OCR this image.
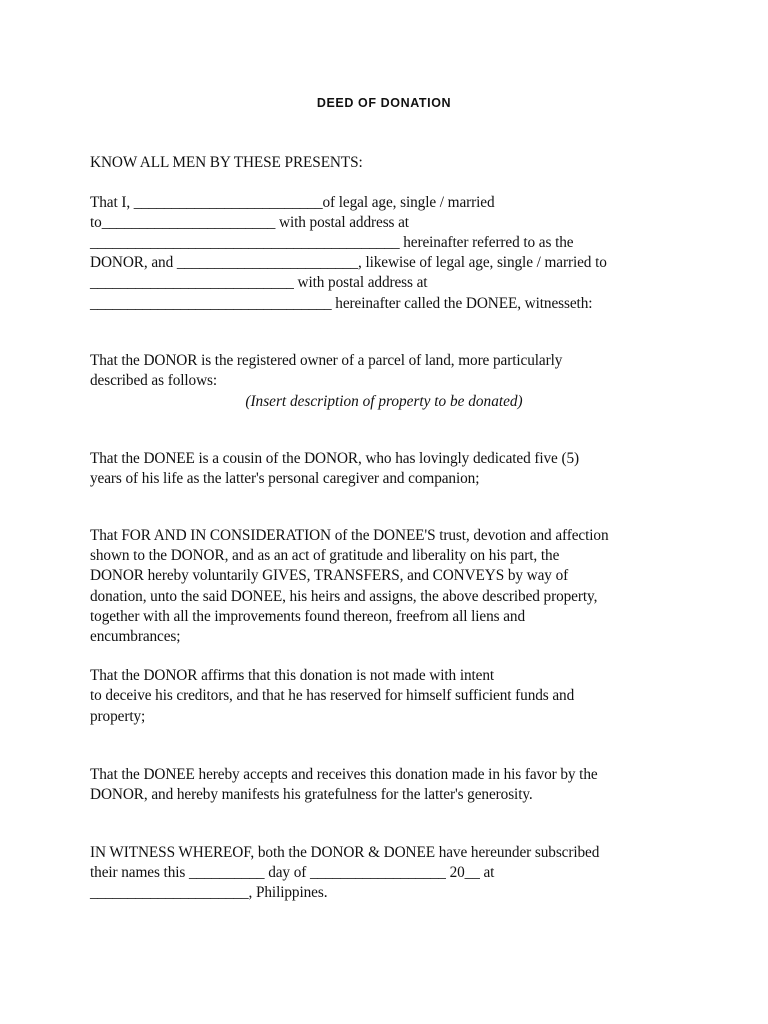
DEED OF DONATION
KNOW ALL MEN BY THESE PRESENTS:
That I, _________________________of legal age, single / married
to_______________________ with postal address at
_________________________________________ hereinafter referred to as the
DONOR, and ________________________, likewise of legal age, single / married to
___________________________ with postal address at
________________________________ hereinafter called the DONEE, witnesseth:
That the DONOR is the registered owner of a parcel of land, more particularly
described as follows:
(Insert description of property to be donated)
That the DONEE is a cousin of the DONOR, who has lovingly dedicated five (5)
years of his life as the latter's personal caregiver and companion;
That FOR AND IN CONSIDERATION of the DONEE'S trust, devotion and affection
shown to the DONOR, and as an act of gratitude and liberality on his part, the
DONOR hereby voluntarily GIVES, TRANSFERS, and CONVEYS by way of
donation, unto the said DONEE, his heirs and assigns, the above described property,
together with all the improvements found thereon, freefrom all liens and
encumbrances;
That the DONOR affirms that this donation is not made with intent
to deceive his creditors, and that he has reserved for himself sufficient funds and
property;
That the DONEE hereby accepts and receives this donation made in his favor by the
DONOR, and hereby manifests his gratefulness for the latter's generosity.
IN WITNESS WHEREOF, both the DONOR & DONEE have hereunder subscribed
their names this __________ day of __________________ 20__ at
_____________________, Philippines.
